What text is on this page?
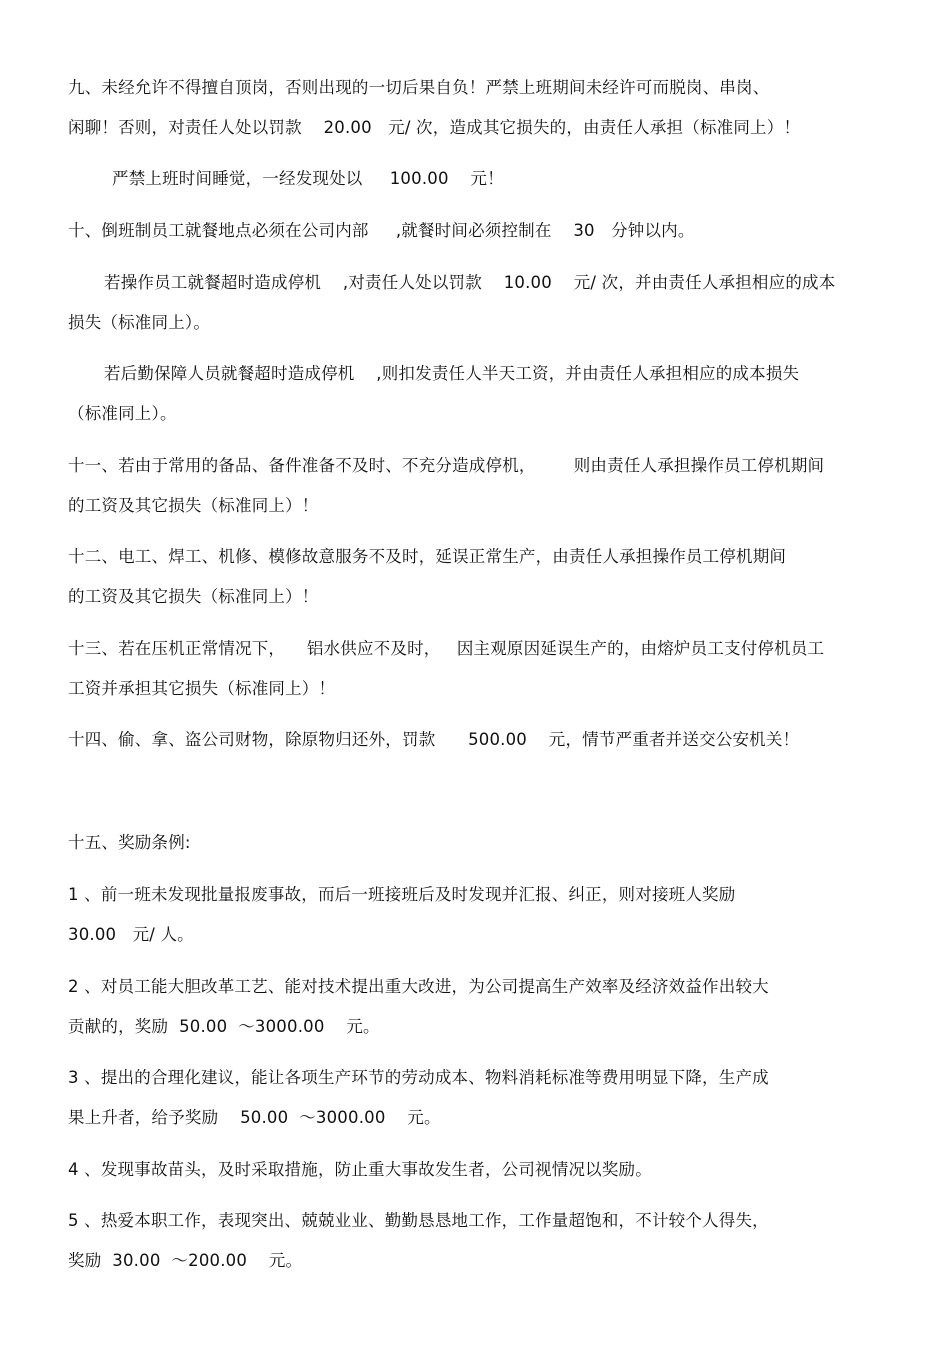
九、未经允许不得擅自顶岗，否则出现的一切后果自负！严禁上班期间未经许可而脱岗、串岗、
闲聊！否则，对责任人处以罚款    20.00   元/ 次，造成其它损失的，由责任人承担（标准同上）！
严禁上班时间睡觉，一经发现处以     100.00    元！
十、倒班制员工就餐地点必须在公司内部     ,就餐时间必须控制在    30   分钟以内。
若操作员工就餐超时造成停机    ,对责任人处以罚款    10.00    元/ 次，并由责任人承担相应的成本
损失（标准同上）。
若后勤保障人员就餐超时造成停机    ,则扣发责任人半天工资，并由责任人承担相应的成本损失
（标准同上）。
十一、若由于常用的备品、备件准备不及时、不充分造成停机，       则由责任人承担操作员工停机期间
的工资及其它损失（标准同上）！
十二、电工、焊工、机修、模修故意服务不及时，延误正常生产，由责任人承担操作员工停机期间
的工资及其它损失（标准同上）！
十三、若在压机正常情况下，    铝水供应不及时，   因主观原因延误生产的，由熔炉员工支付停机员工
工资并承担其它损失（标准同上）！
十四、偷、拿、盗公司财物，除原物归还外，罚款      500.00    元，情节严重者并送交公安机关！
十五、奖励条例:
1 、前一班未发现批量报废事故，而后一班接班后及时发现并汇报、纠正，则对接班人奖励
30.00   元/ 人。
2 、对员工能大胆改革工艺、能对技术提出重大改进，为公司提高生产效率及经济效益作出较大
贡献的，奖励  50.00  ～3000.00    元。
3 、提出的合理化建议，能让各项生产环节的劳动成本、物料消耗标准等费用明显下降，生产成
果上升者，给予奖励    50.00  ～3000.00    元。
4 、发现事故苗头，及时采取措施，防止重大事故发生者，公司视情况以奖励。
5 、热爱本职工作，表现突出、兢兢业业、勤勤恳恳地工作，工作量超饱和，不计较个人得失，
奖励  30.00  ～200.00    元。
